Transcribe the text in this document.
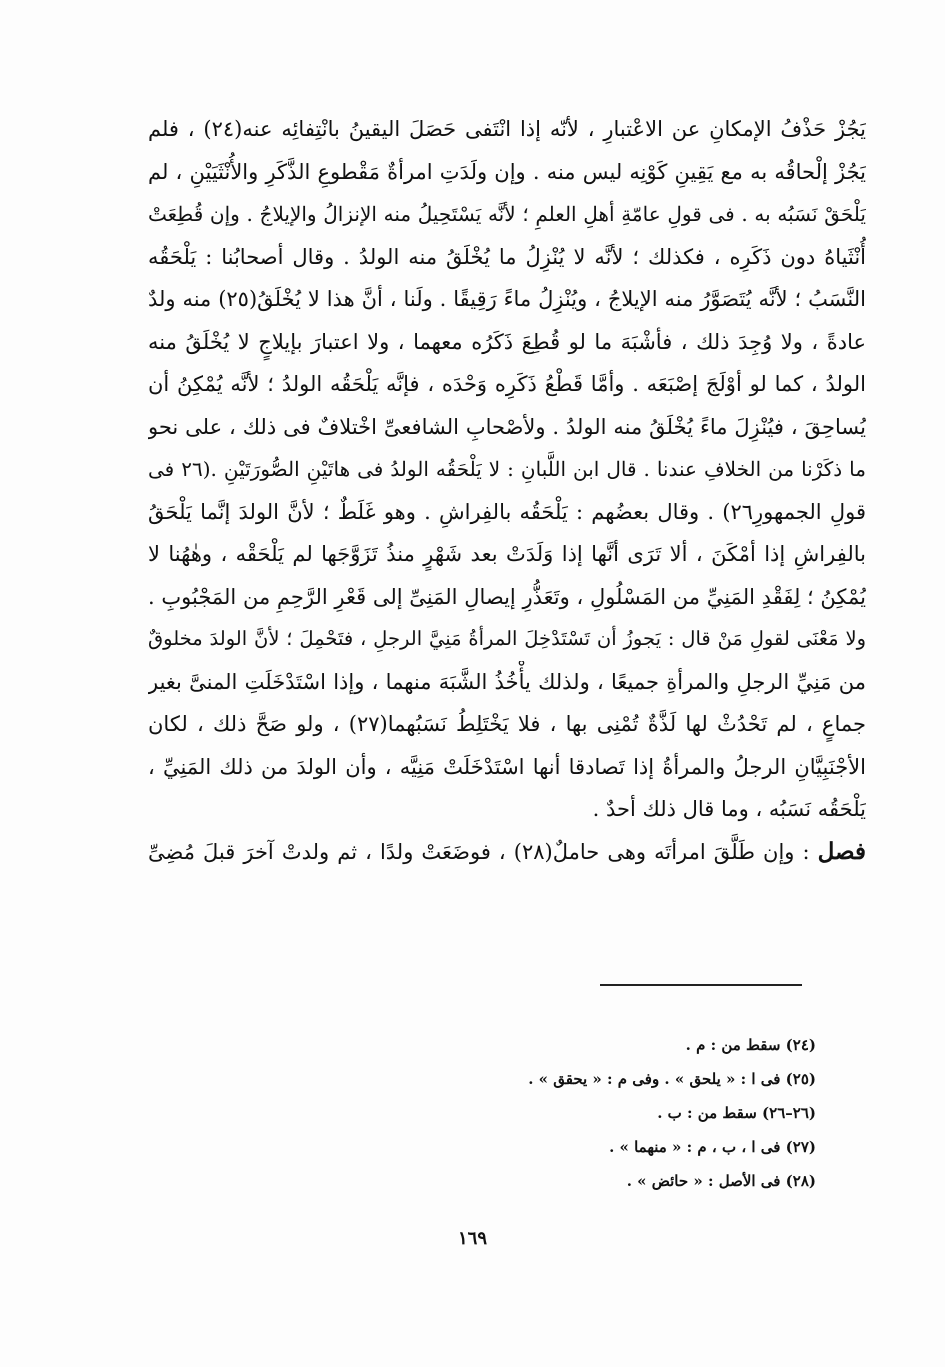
يَجُزْ حَذْفُ الإمكانِ عن الاعْتبارِ ، لأنّه إذا انْتَفى حَصَلَ اليقينُ بانْتِفائِه عنه(٢٤) ، فلم
يَجُزْ إلْحاقُه به مع يَقِينِ كَوْنِه ليس منه . وإن ولَدَتِ امرأةٌ مَقْطوعِ الذَّكَرِ والأُنْثَيَيْنِ ، لم
يَلْحَقْ نَسَبُه به . فى قولِ عامّةِ أهلِ العلمِ ؛ لأنَّه يَسْتَحِيلُ منه الإنزالُ والإيلاجُ . وإن قُطِعَتْ
أُنْثَياهُ دون ذَكَرِه ، فكذلك ؛ لأنَّه لا يُنْزِلُ ما يُخْلَقُ منه الولدُ . وقال أصحابُنا : يَلْحَقُه
النَّسَبُ ؛ لأنَّه يُتَصَوَّرُ منه الإيلاجُ ، ويُنْزِلُ ماءً رَقِيقًا . ولَنا ، أنَّ هذا لا يُخْلَقُ(٢٥) منه ولدٌ
عادةً ، ولا وُجِدَ ذلك ، فأشْبَهَ ما لو قُطِعَ ذَكَرُه معهما ، ولا اعتبارَ بإيلاجٍ لا يُخْلَقُ منه
الولدُ ، كما لو أوْلَجَ إصْبَعَه . وأمَّا قَطْعُ ذَكَرِه وَحْدَه ، فإنَّه يَلْحَقُه الولدُ ؛ لأنَّه يُمْكِنُ أن
يُساحِقَ ، فيُنْزِلَ ماءً يُخْلَقُ منه الولدُ . ولأصْحابِ الشافعىِّ اخْتلافٌ فى ذلك ، على نحو
ما ذكَرْنا من الخلافِ عندنا . قال ابن اللَّبانِ : لا يَلْحَقُه الولدُ فى هاتَيْنِ الصُّورَتَيْنِ .(٢٦ فى
قولِ الجمهورِ٢٦) . وقال بعضُهم : يَلْحَقُه بالفِراشِ . وهو غَلَطٌ ؛ لأنَّ الولدَ إنَّما يَلْحَقُ
بالفِراشِ إذا أمْكَنَ ، ألا تَرَى أنَّها إذا وَلَدَتْ بعد شَهْرٍ منذُ تَزَوَّجَها لم يَلْحَقْه ، وهٰهُنا لا
يُمْكِنُ ؛ لِفَقْدِ المَنِيِّ من المَسْلُولِ ، وتَعَذُّرِ إيصالِ المَنِىِّ إلى قَعْرِ الرَّحِمِ من المَجْبُوبِ .
ولا مَعْنَى لقولِ مَنْ قال : يَجوزُ أن تَسْتَدْخِلَ المرأةُ مَنِيَّ الرجلِ ، فتَحْمِلَ ؛ لأنَّ الولدَ مخلوقٌ
من مَنِيِّ الرجلِ والمرأةِ جميعًا ، ولذلك يأْخُذُ الشَّبَهَ منهما ، وإذا اسْتَدْخَلَتِ المنىَّ بغير
جماعٍ ، لم تَحْدُثْ لها لَذَّةٌ تُمْنِى بها ، فلا يَخْتَلِطُ نَسَبُهما(٢٧) ، ولو صَحَّ ذلك ، لكان
الأجْنَبِيَّانِ الرجلُ والمرأةُ إذا تَصادقا أنها اسْتَدْخَلَتْ مَنِيَّه ، وأن الولدَ من ذلك المَنِيِّ ،
يَلْحَقُه نَسَبُه ، وما قال ذلك أحدٌ .
فصل : وإن طَلَّقَ امرأتَه وهى حاملٌ(٢٨) ، فوضَعَتْ ولدًا ، ثم ولدتْ آخرَ قبلَ مُضِىِّ
(٢٤) سقط من : م .
(٢٥) فى ا : « يلحق » . وفى م : « يحقق » .
(٢٦–٢٦) سقط من : ب .
(٢٧) فى ا ، ب ، م : « منهما » .
(٢٨) فى الأصل : « حائض » .
١٦٩
